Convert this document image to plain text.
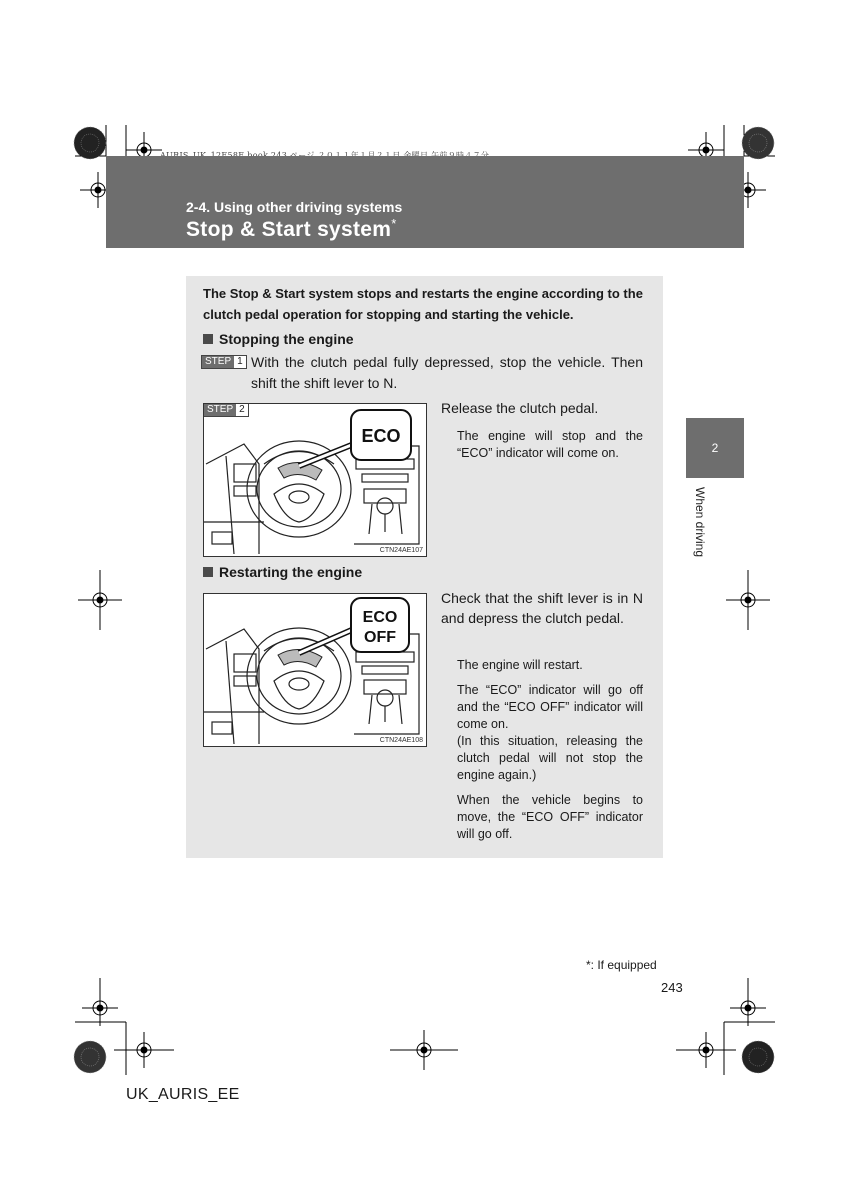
2-4. Using other driving systems
Stop & Start system*
2
When driving
The Stop & Start system stops and restarts the engine according to the clutch pedal operation for stopping and starting the vehicle.
Stopping the engine
STEP 1 With the clutch pedal fully depressed, stop the vehicle. Then shift the shift lever to N.
ECO
STEP 2
CTN24AE107
Release the clutch pedal.
The engine will stop and the “ECO” indicator will come on.
Restarting the engine
ECO
OFF
CTN24AE108
Check that the shift lever is in N and depress the clutch pedal.
The engine will restart.
The “ECO” indicator will go off and the “ECO OFF” indicator will come on.
(In this situation, releasing the clutch pedal will not stop the engine again.)
When the vehicle begins to move, the “ECO OFF” indicator will go off.
*: If equipped
243
UK_AURIS_EE
